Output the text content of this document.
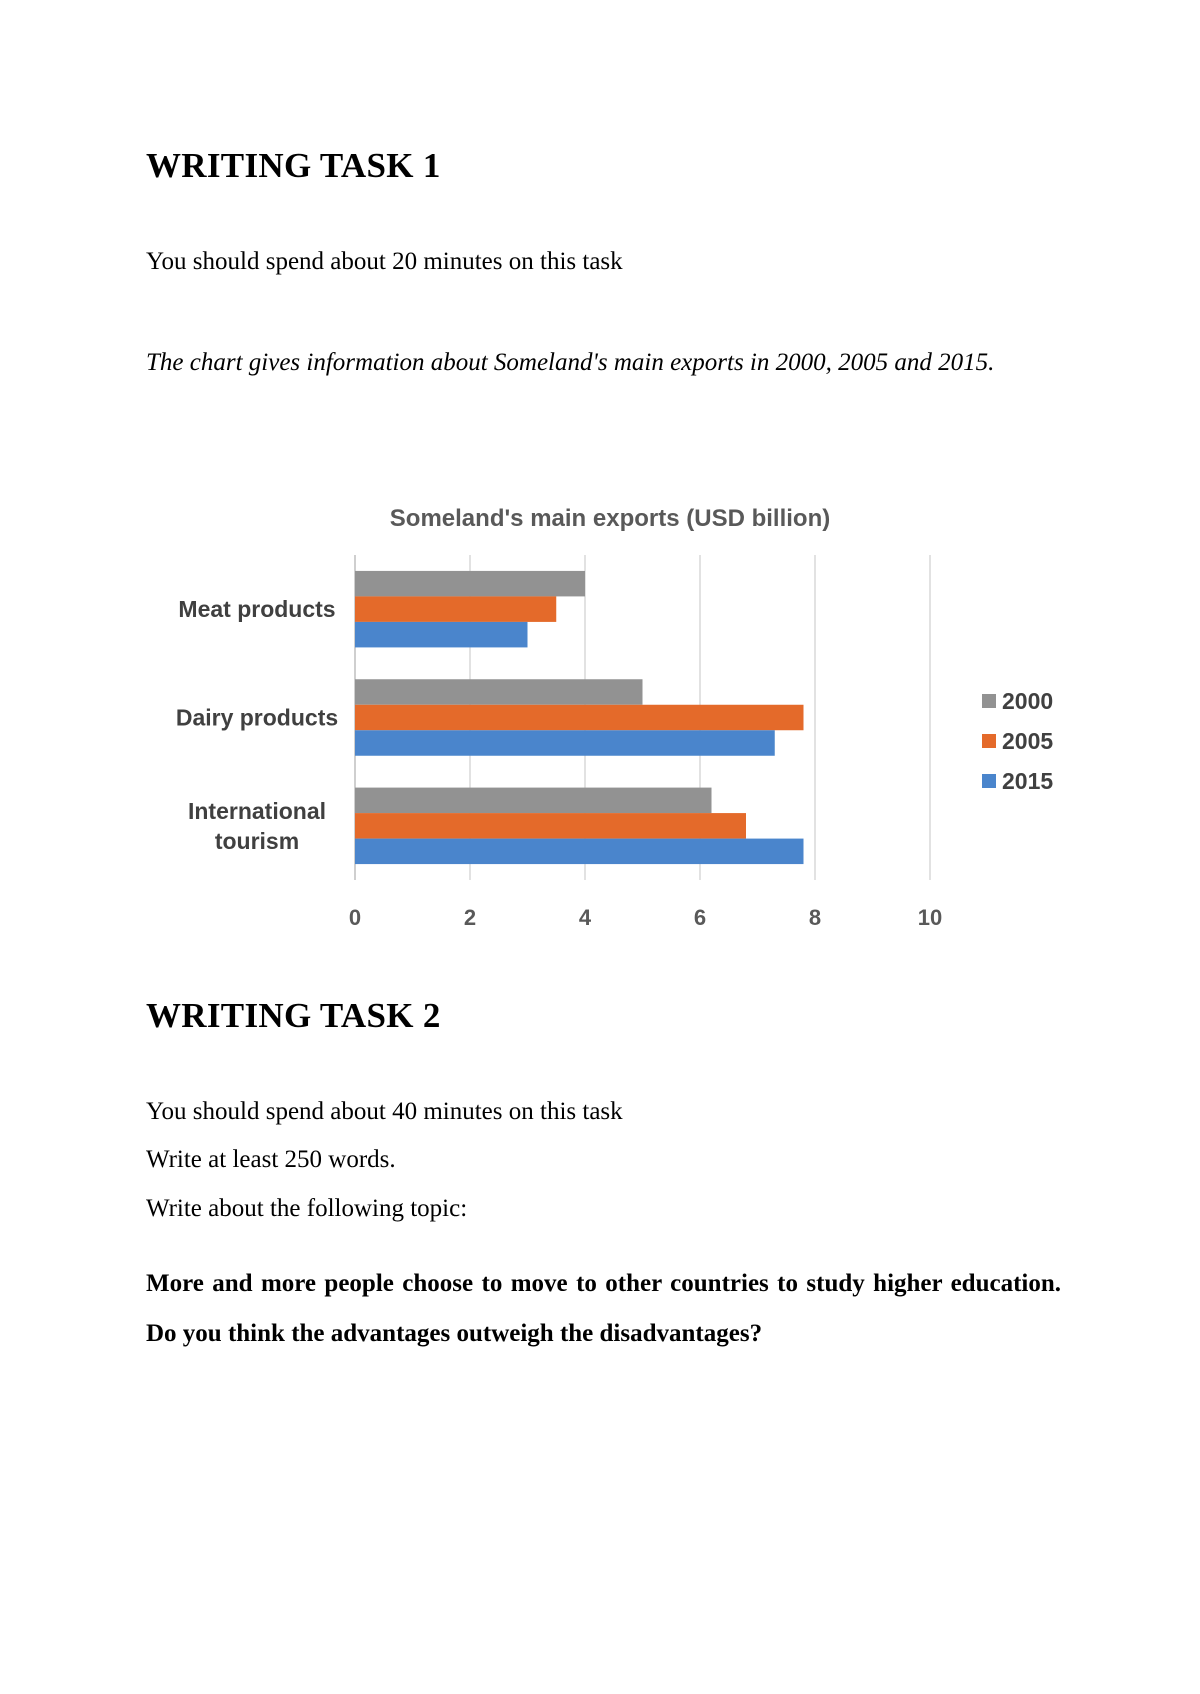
WRITING TASK 1

You should spend about 20 minutes on this task

The chart gives information about Someland's main exports in 2000, 2005 and 2015.

Someland's main exports (USD billion)
0	2	4	6	8	10
Meat products
Dairy products
International tourism
2000
2005
2015
WRITING TASK 2

You should spend about 40 minutes on this task

Write at least 250 words.

Write about the following topic:

More and more people choose to move to other countries to study higher education. Do you think the advantages outweigh the disadvantages?
